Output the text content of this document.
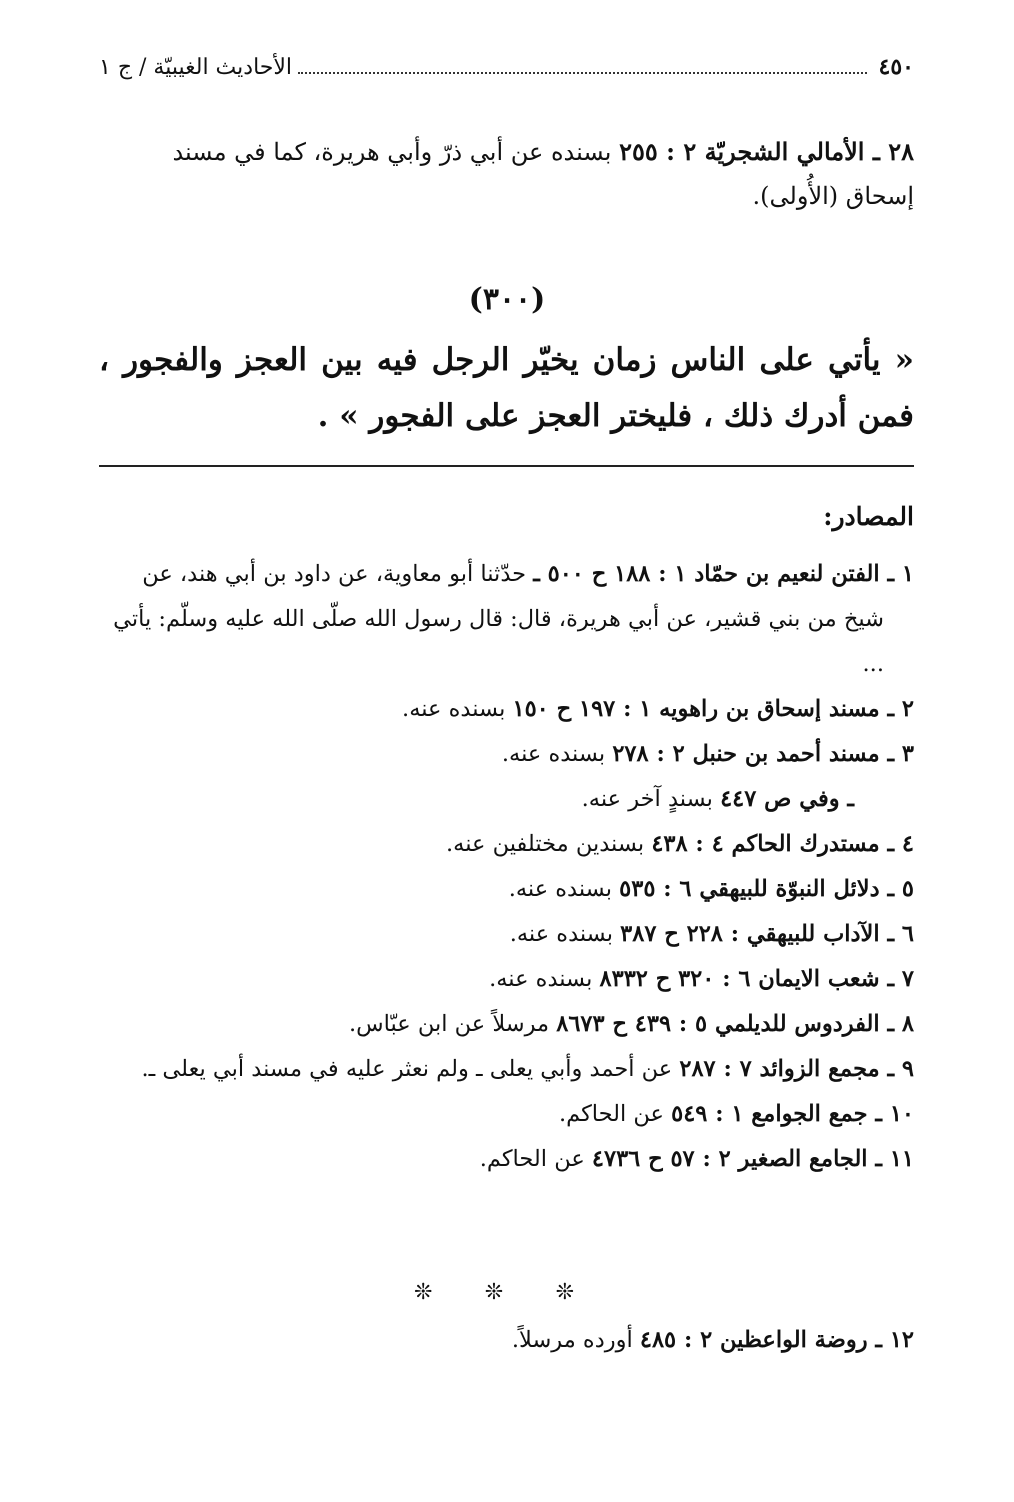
٤٥٠
الأحاديث الغيبيّة / ج ١
٢٨ ـ الأمالي الشجريّة ٢ : ٢٥٥ بسنده عن أبي ذرّ وأبي هريرة، كما في مسند إسحاق (الأُولى).
(٣٠٠)
« يأتي على الناس زمان يخيّر الرجل فيه بين العجز والفجور ، فمن أدرك ذلك ، فليختر العجز على الفجور » .
المصادر:
١ ـ الفتن لنعيم بن حمّاد ١ : ١٨٨ ح ٥٠٠ ـ حدّثنا أبو معاوية، عن داود بن أبي هند، عن شيخ من بني قشير، عن أبي هريرة، قال: قال رسول الله صلّى الله عليه وسلّم: يأتي ...
٢ ـ مسند إسحاق بن راهويه ١ : ١٩٧ ح ١٥٠ بسنده عنه.
٣ ـ مسند أحمد بن حنبل ٢ : ٢٧٨ بسنده عنه.
ـ وفي ص ٤٤٧ بسندٍ آخر عنه.
٤ ـ مستدرك الحاكم ٤ : ٤٣٨ بسندين مختلفين عنه.
٥ ـ دلائل النبوّة للبيهقي ٦ : ٥٣٥ بسنده عنه.
٦ ـ الآداب للبيهقي : ٢٢٨ ح ٣٨٧ بسنده عنه.
٧ ـ شعب الايمان ٦ : ٣٢٠ ح ٨٣٣٢ بسنده عنه.
٨ ـ الفردوس للديلمي ٥ : ٤٣٩ ح ٨٦٧٣ مرسلاً عن ابن عبّاس.
٩ ـ مجمع الزوائد ٧ : ٢٨٧ عن أحمد وأبي يعلى ـ ولم نعثر عليه في مسند أبي يعلى ـ.
١٠ ـ جمع الجوامع ١ : ٥٤٩ عن الحاكم.
١١ ـ الجامع الصغير ٢ : ٥٧ ح ٤٧٣٦ عن الحاكم.
❊
❊
❊
١٢ ـ روضة الواعظين ٢ : ٤٨٥ أورده مرسلاً.
